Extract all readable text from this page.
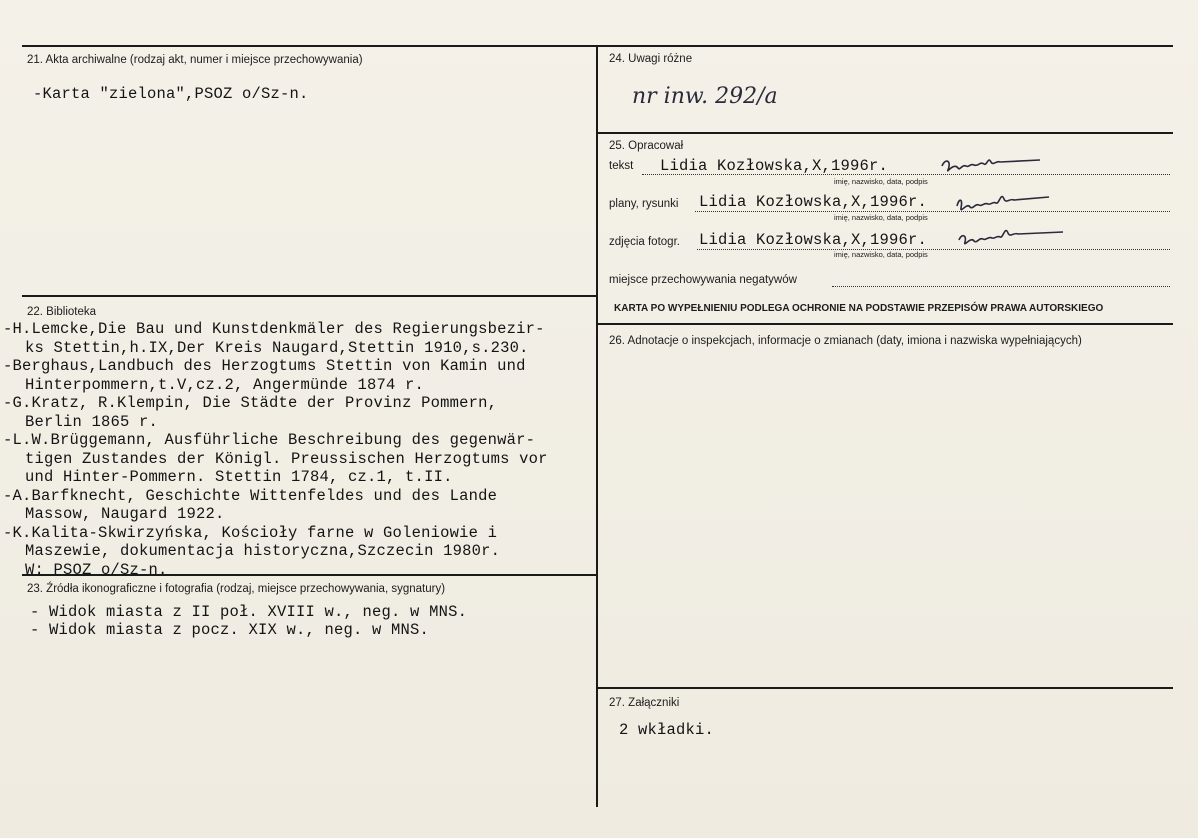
21. Akta archiwalne (rodzaj akt, numer i miejsce przechowywania)
-Karta "zielona",PSOZ o/Sz-n.
22. Biblioteka
-H.Lemcke,Die Bau und Kunstdenkmäler des Regierungsbezir-
ks Stettin,h.IX,Der Kreis Naugard,Stettin 1910,s.230.
-Berghaus,Landbuch des Herzogtums Stettin von Kamin und
Hinterpommern,t.V,cz.2, Angermünde 1874 r.
-G.Kratz, R.Klempin, Die Städte der Provinz Pommern,
Berlin 1865 r.
-L.W.Brüggemann, Ausführliche Beschreibung des gegenwär-
tigen Zustandes der Königl. Preussischen Herzogtums vor
und Hinter-Pommern. Stettin 1784, cz.1, t.II.
-A.Barfknecht, Geschichte Wittenfeldes und des Lande
Massow, Naugard 1922.
-K.Kalita-Skwirzyńska, Kościoły farne w Goleniowie i
Maszewie, dokumentacja historyczna,Szczecin 1980r.
W: PSOZ o/Sz-n.
23. Źródła ikonograficzne i fotografia (rodzaj, miejsce przechowywania, sygnatury)
- Widok miasta z II poł. XVIII w., neg. w MNS.
- Widok miasta z pocz. XIX w., neg. w MNS.
24. Uwagi różne
nr inw. 292/a
25. Opracował
tekst Lidia Kozłowska,X,1996r.
imię, nazwisko, data, podpis
plany, rysunki Lidia Kozłowska,X,1996r.
imię, nazwisko, data, podpis
zdjęcia fotogr. Lidia Kozłowska,X,1996r.
imię, nazwisko, data, podpis
miejsce przechowywania negatywów
KARTA PO WYPEŁNIENIU PODLEGA OCHRONIE NA PODSTAWIE PRZEPISÓW PRAWA AUTORSKIEGO
26. Adnotacje o inspekcjach, informacje o zmianach (daty, imiona i nazwiska wypełniających)
27. Załączniki
2 wkładki.
